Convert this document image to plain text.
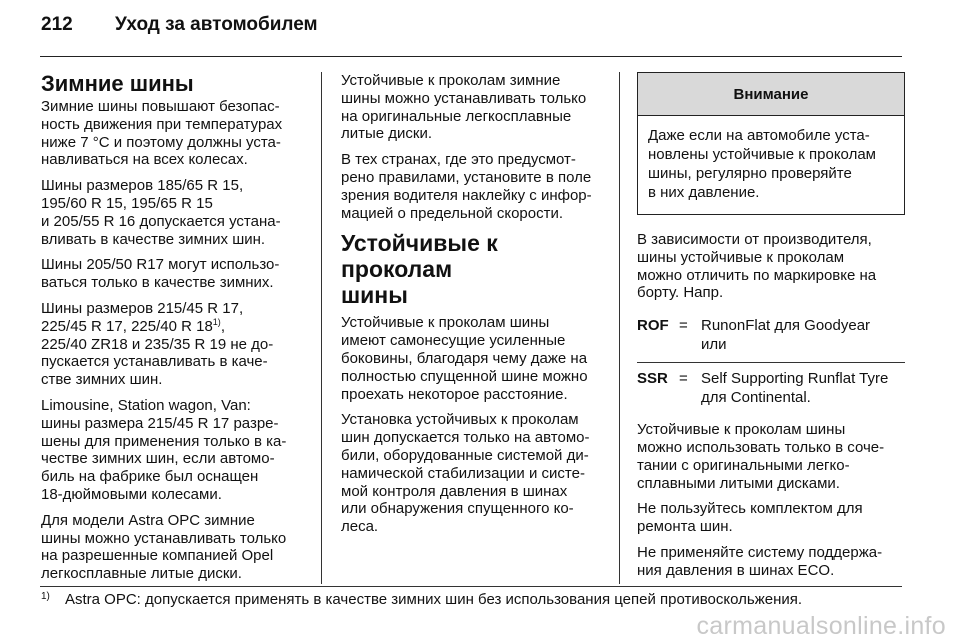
212 Уход за автомобилем
Зимние шины

Зимние шины повышают безопас-
ность движения при температурах
ниже 7 °C и поэтому должны уста-
навливаться на всех колесах.

Шины размеров 185/65 R 15,
195/60 R 15, 195/65 R 15
и 205/55 R 16 допускается устана-
вливать в качестве зимних шин.

Шины 205/50 R17 могут использо-
ваться только в качестве зимних.

Шины размеров 215/45 R 17,
225/45 R 17, 225/40 R 18$^{1)}$,
225/40 ZR18 и 235/35 R 19 не до-
пускается устанавливать в каче-
стве зимних шин.

Limousine, Station wagon, Van:
шины размера 215/45 R 17 разре-
шены для применения только в ка-
честве зимних шин, если автомо-
биль на фабрике был оснащен
18-дюймовыми колесами.

Для модели Astra OPC зимние
шины можно устанавливать только
на разрешенные компанией Opel
легкосплавные литые диски.

Устойчивые к проколам зимние
шины можно устанавливать только
на оригинальные легкосплавные
литые диски.

В тех странах, где это предусмот-
рено правилами, установите в поле
зрения водителя наклейку с инфор-
мацией о предельной скорости.

Устойчивые к проколам
шины

Устойчивые к проколам шины
имеют самонесущие усиленные
боковины, благодаря чему даже на
полностью спущенной шине можно
проехать некоторое расстояние.

Установка устойчивых к проколам
шин допускается только на автомо-
били, оборудованные системой ди-
намической стабилизации и систе-
мой контроля давления в шинах
или обнаружения спущенного ко-
леса.

Внимание
Даже если на автомобиле уста-
новлены устойчивые к проколам
шины, регулярно проверяйте
в них давление.

В зависимости от производителя,
шины устойчивые к проколам
можно отличить по маркировке на
борту. Напр.

ROF = RunonFlat для Goodyear
или
SSR = Self Supporting Runflat Tyre
для Continental.

Устойчивые к проколам шины
можно использовать только в соче-
тании с оригинальными легко-
сплавными литыми дисками.

Не пользуйтесь комплектом для
ремонта шин.

Не применяйте систему поддержа-
ния давления в шинах ECO.

1) Astra OPC: допускается применять в качестве зимних шин без использования цепей противоскольжения.
carmanualsonline.info
